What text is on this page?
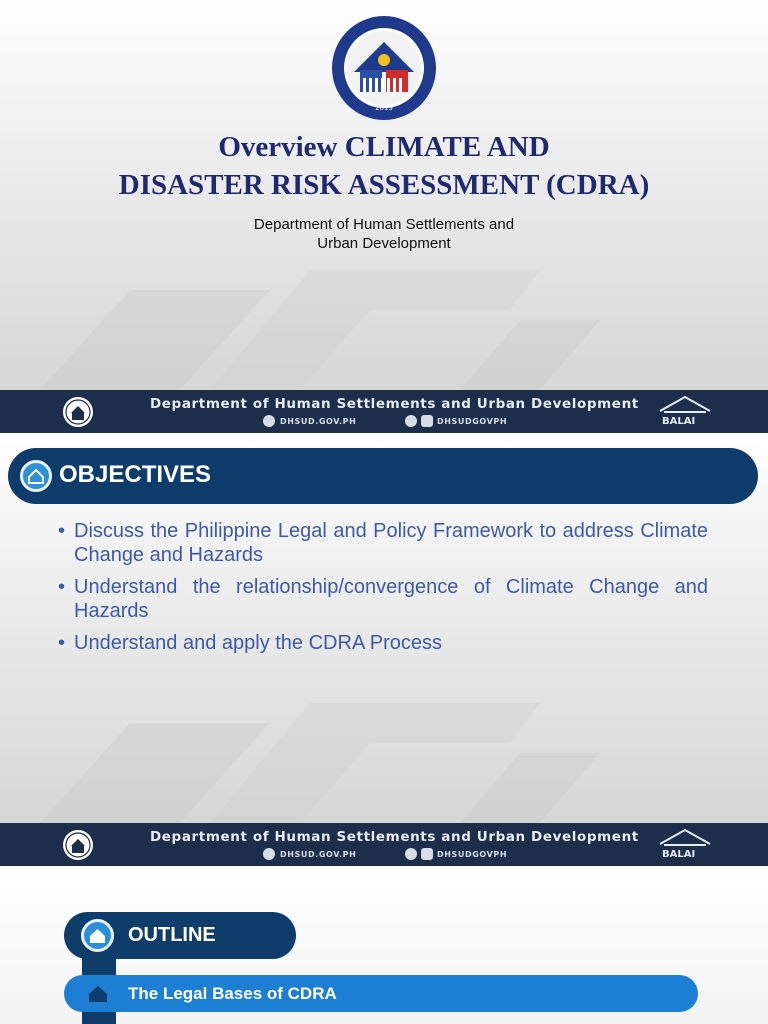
2019
Overview CLIMATE AND
DISASTER RISK ASSESSMENT (CDRA)
Department of Human Settlements and
Urban Development
Department of Human Settlements and Urban Development
DHSUD.GOV.PH	DHSUDGOVPH	BALAI
OBJECTIVES
• Discuss the Philippine Legal and Policy Framework to address Climate Change and Hazards
• Understand the relationship/convergence of Climate Change and Hazards
• Understand and apply the CDRA Process
Department of Human Settlements and Urban Development
DHSUD.GOV.PH	DHSUDGOVPH	BALAI
OUTLINE
The Legal Bases of CDRA
